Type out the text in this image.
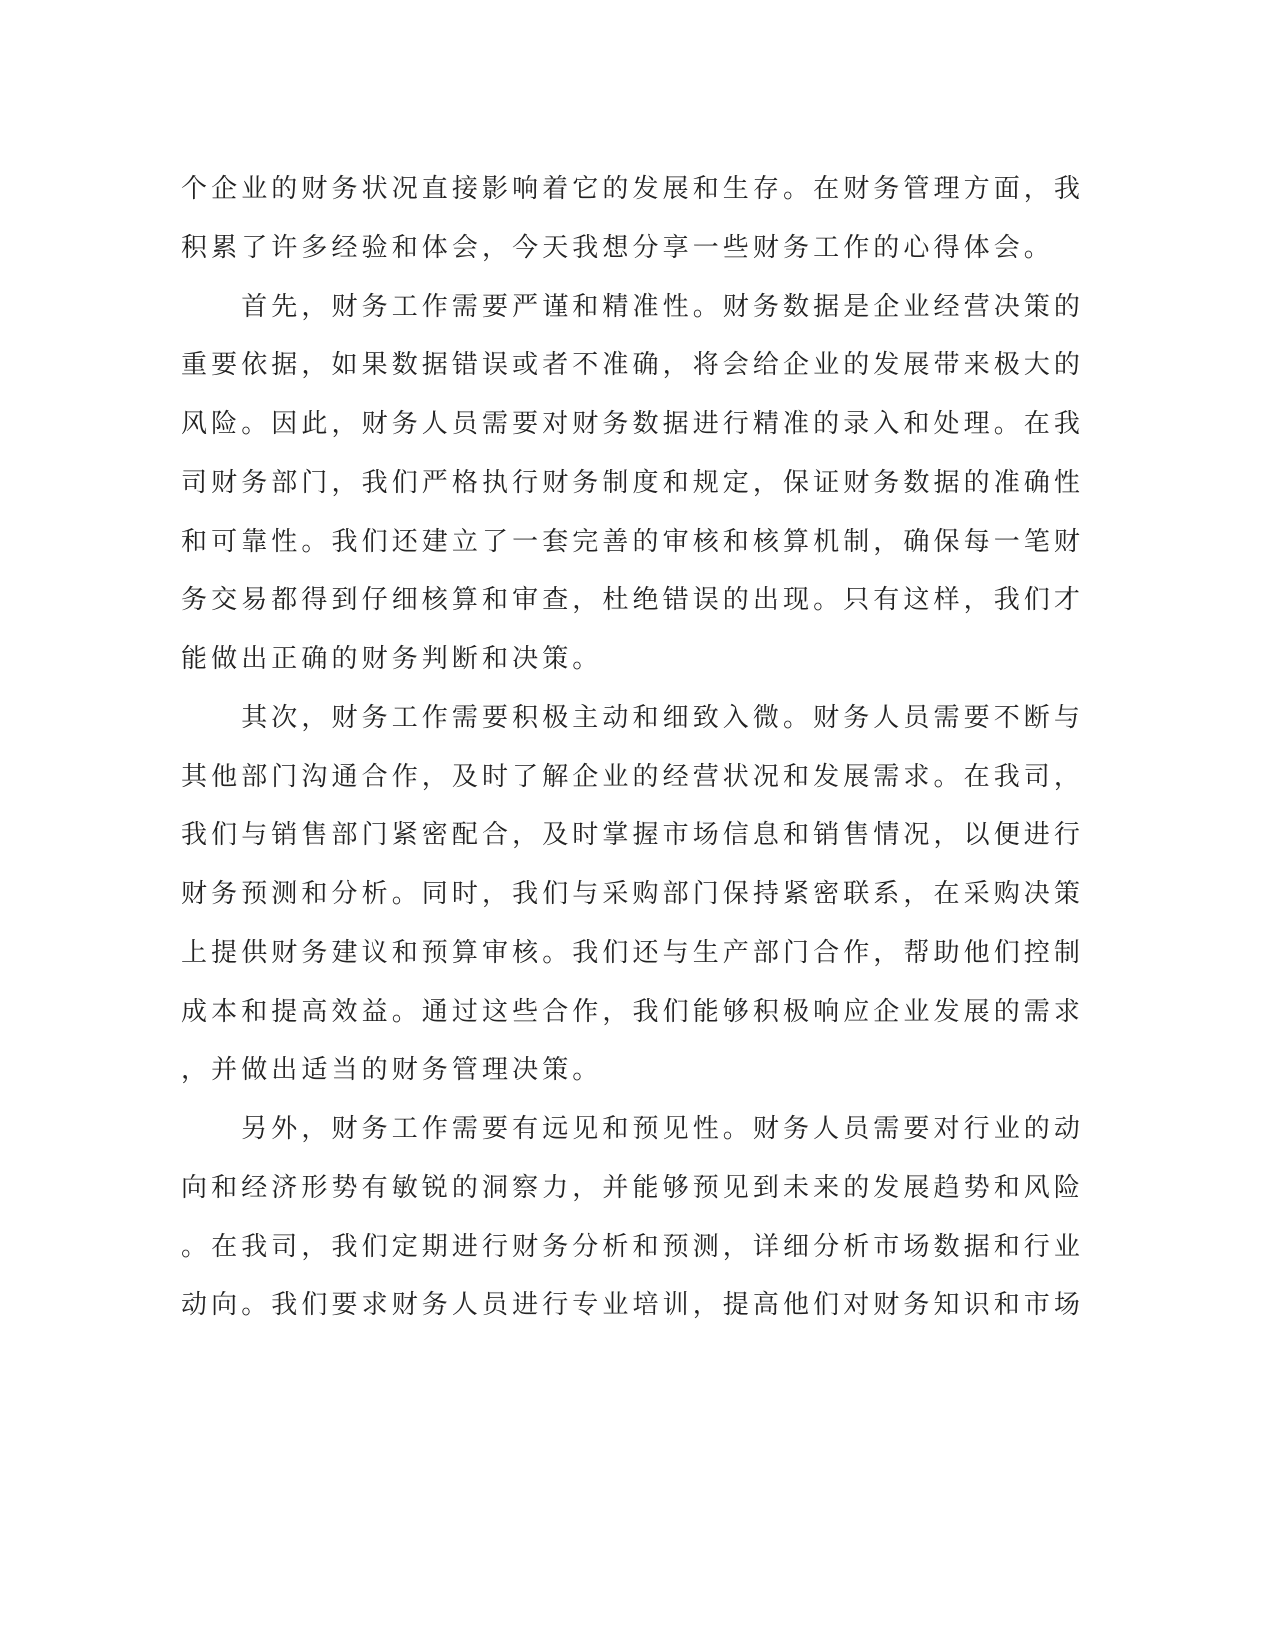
个企业的财务状况直接影响着它的发展和生存。在财务管理方面，我
积累了许多经验和体会，今天我想分享一些财务工作的心得体会。
　　首先，财务工作需要严谨和精准性。财务数据是企业经营决策的
重要依据，如果数据错误或者不准确，将会给企业的发展带来极大的
风险。因此，财务人员需要对财务数据进行精准的录入和处理。在我
司财务部门，我们严格执行财务制度和规定，保证财务数据的准确性
和可靠性。我们还建立了一套完善的审核和核算机制，确保每一笔财
务交易都得到仔细核算和审查，杜绝错误的出现。只有这样，我们才
能做出正确的财务判断和决策。
　　其次，财务工作需要积极主动和细致入微。财务人员需要不断与
其他部门沟通合作，及时了解企业的经营状况和发展需求。在我司，
我们与销售部门紧密配合，及时掌握市场信息和销售情况，以便进行
财务预测和分析。同时，我们与采购部门保持紧密联系，在采购决策
上提供财务建议和预算审核。我们还与生产部门合作，帮助他们控制
成本和提高效益。通过这些合作，我们能够积极响应企业发展的需求
，并做出适当的财务管理决策。
　　另外，财务工作需要有远见和预见性。财务人员需要对行业的动
向和经济形势有敏锐的洞察力，并能够预见到未来的发展趋势和风险
。在我司，我们定期进行财务分析和预测，详细分析市场数据和行业
动向。我们要求财务人员进行专业培训，提高他们对财务知识和市场
